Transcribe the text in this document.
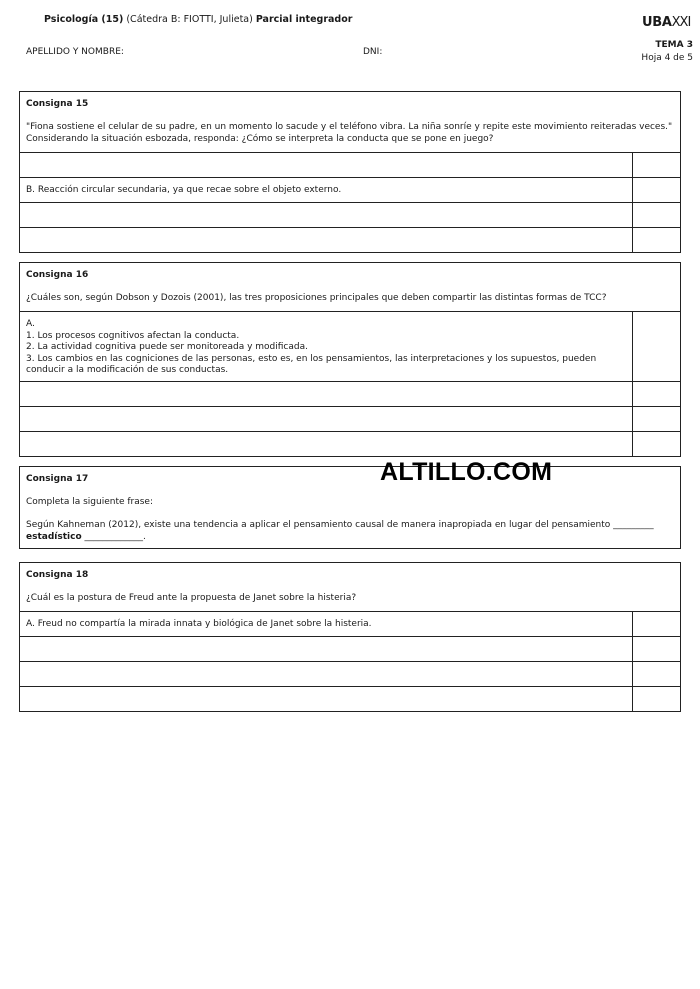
Psicología (15) (Cátedra B: FIOTTI, Julieta) Parcial integrador	UBAXXI
APELLIDO Y NOMBRE:	DNI:
TEMA 3
Hoja 4 de 5
Consigna 15
"Fiona sostiene el celular de su padre, en un momento lo sacude y el teléfono vibra. La niña sonríe y repite este movimiento reiteradas veces." Considerando la situación esbozada, responda: ¿Cómo se interpreta la conducta que se pone en juego?
B. Reacción circular secundaria, ya que recae sobre el objeto externo.
Consigna 16
¿Cuáles son, según Dobson y Dozois (2001), las tres proposiciones principales que deben compartir las distintas formas de TCC?
A.
1. Los procesos cognitivos afectan la conducta.
2. La actividad cognitiva puede ser monitoreada y modificada.
3. Los cambios en las cogniciones de las personas, esto es, en los pensamientos, las interpretaciones y los supuestos, pueden conducir a la modificación de sus conductas.
Consigna 17
Completa la siguiente frase:
Según Kahneman (2012), existe una tendencia a aplicar el pensamiento causal de manera inapropiada en lugar del pensamiento _________ estadístico _____________.
Consigna 18
¿Cuál es la postura de Freud ante la propuesta de Janet sobre la histeria?
A. Freud no compartía la mirada innata y biológica de Janet sobre la histeria.
ALTILLO.COM
